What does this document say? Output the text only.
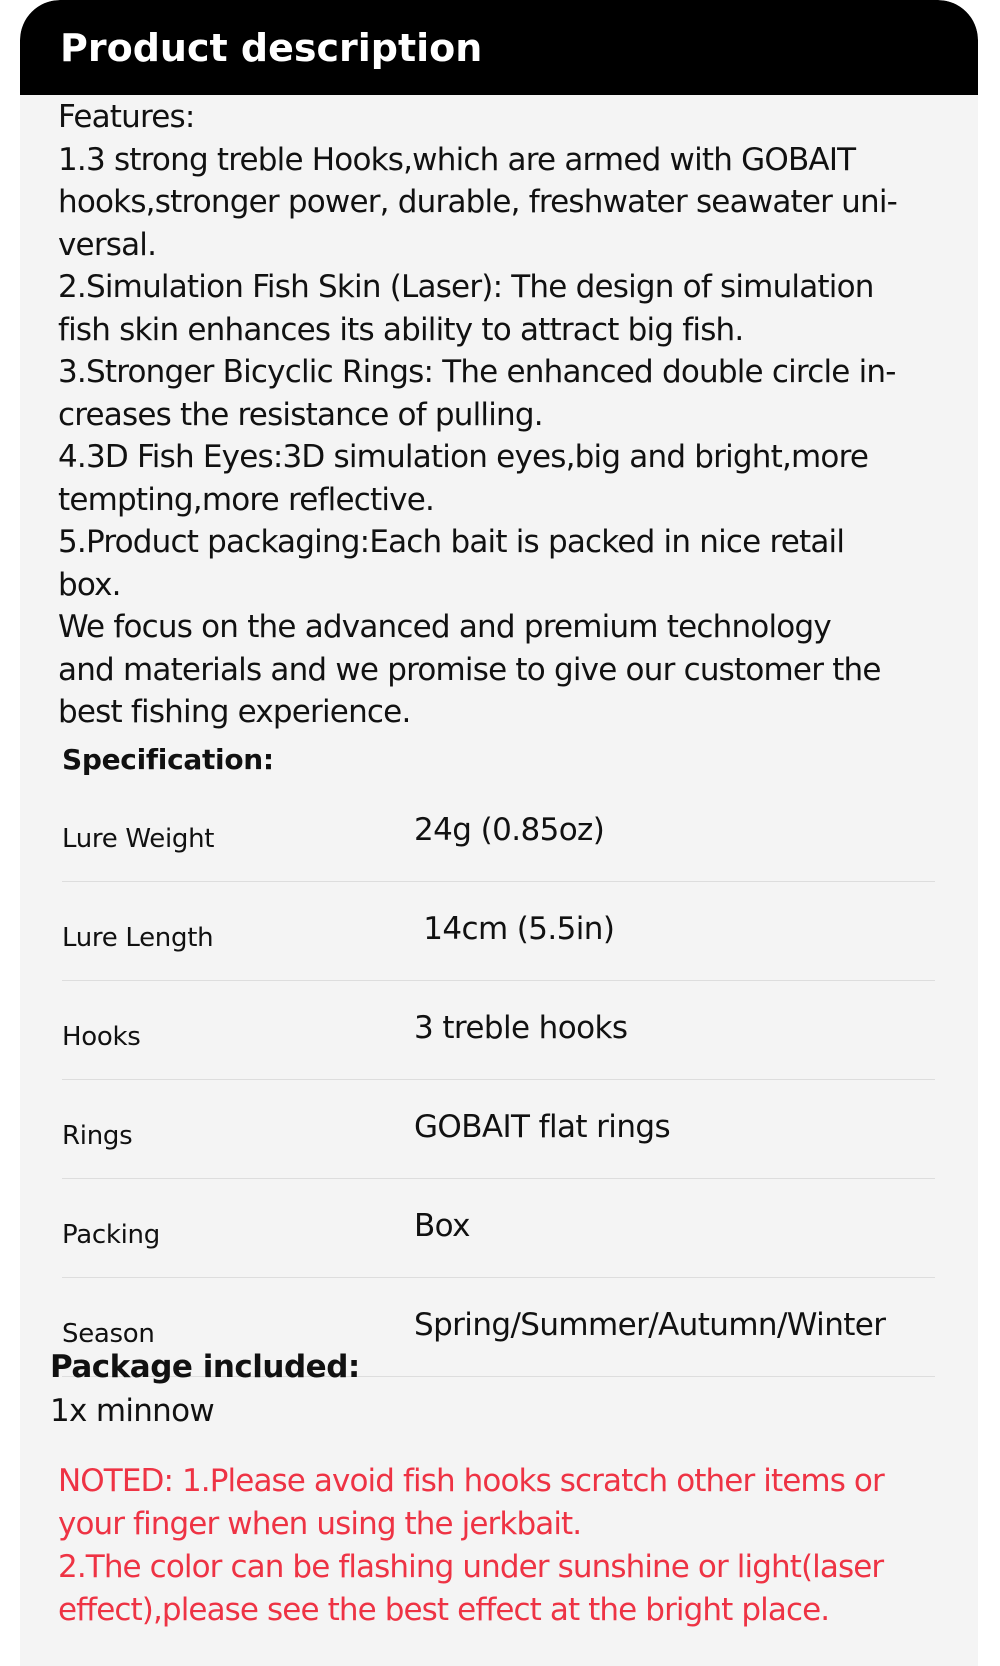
Product description
Features:
1.3 strong treble Hooks,which are armed with GOBAIT
hooks,stronger power, durable, freshwater seawater uni-
versal.
2.Simulation Fish Skin (Laser): The design of simulation
fish skin enhances its ability to attract big fish.
3.Stronger Bicyclic Rings: The enhanced double circle in-
creases the resistance of pulling.
4.3D Fish Eyes:3D simulation eyes,big and bright,more
tempting,more reflective.
5.Product packaging:Each bait is packed in nice retail
box.
We focus on the advanced and premium technology
and materials and we promise to give our customer the
best fishing experience.
Specification:
Lure Weight	24g (0.85oz)
Lure Length	14cm (5.5in)
Hooks	3 treble hooks
Rings	GOBAIT flat rings
Packing	Box
Season	Spring/Summer/Autumn/Winter
Package included:
1x minnow
NOTED: 1.Please avoid fish hooks scratch other items or
your finger when using the jerkbait.
2.The color can be flashing under sunshine or light(laser
effect),please see the best effect at the bright place.
